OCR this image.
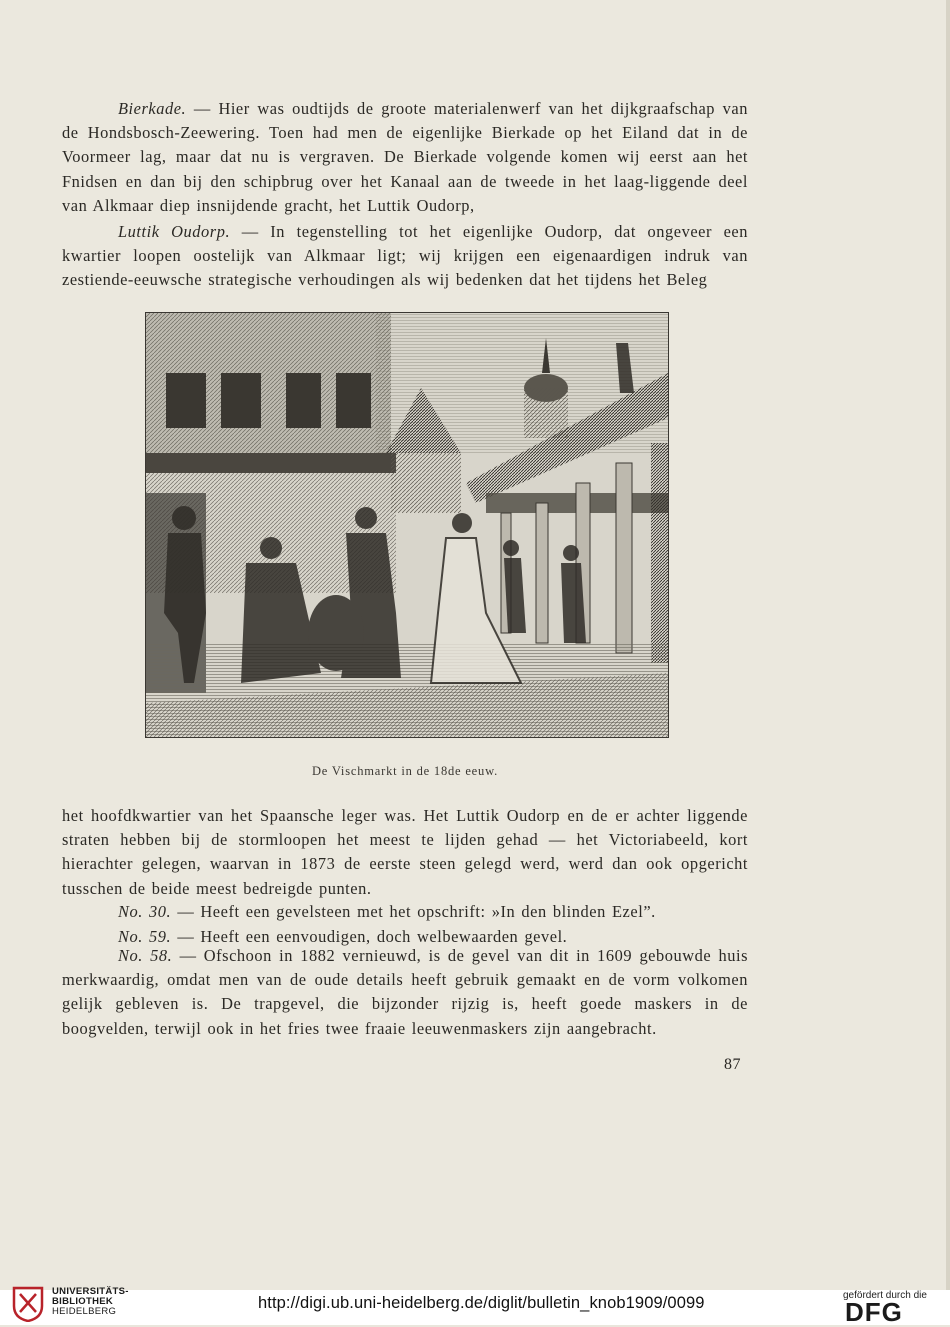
Bierkade. — Hier was oudtijds de groote materialenwerf van het dijkgraafschap van de Hondsbosch-Zeewering. Toen had men de eigenlijke Bierkade op het Eiland dat in de Voormeer lag, maar dat nu is vergraven. De Bierkade volgende komen wij eerst aan het Fnidsen en dan bij den schipbrug over het Kanaal aan de tweede in het laag-liggende deel van Alkmaar diep insnijdende gracht, het Luttik Oudorp,

Luttik Oudorp. — In tegenstelling tot het eigenlijke Oudorp, dat ongeveer een kwartier loopen oostelijk van Alkmaar ligt; wij krijgen een eigenaardigen indruk van zestiende-eeuwsche strategische verhoudingen als wij bedenken dat het tijdens het Beleg

De Vischmarkt in de 18de eeuw.

het hoofdkwartier van het Spaansche leger was. Het Luttik Oudorp en de er achter liggende straten hebben bij de stormloopen het meest te lijden gehad — het Victoriabeeld, kort hierachter gelegen, waarvan in 1873 de eerste steen gelegd werd, werd dan ook opgericht tusschen de beide meest bedreigde punten.

No. 30. — Heeft een gevelsteen met het opschrift: »In den blinden Ezel”.

No. 59. — Heeft een eenvoudigen, doch welbewaarden gevel.

No. 58. — Ofschoon in 1882 vernieuwd, is de gevel van dit in 1609 gebouwde huis merkwaardig, omdat men van de oude details heeft gebruik gemaakt en de vorm volkomen gelijk gebleven is. De trapgevel, die bijzonder rijzig is, heeft goede maskers in de boogvelden, terwijl ook in het fries twee fraaie leeuwenmaskers zijn aangebracht.

87
UNIVERSITÄTS-
BIBLIOTHEK
HEIDELBERG	http://digi.ub.uni-heidelberg.de/diglit/bulletin_knob1909/0099	gefördert durch die
DFG
